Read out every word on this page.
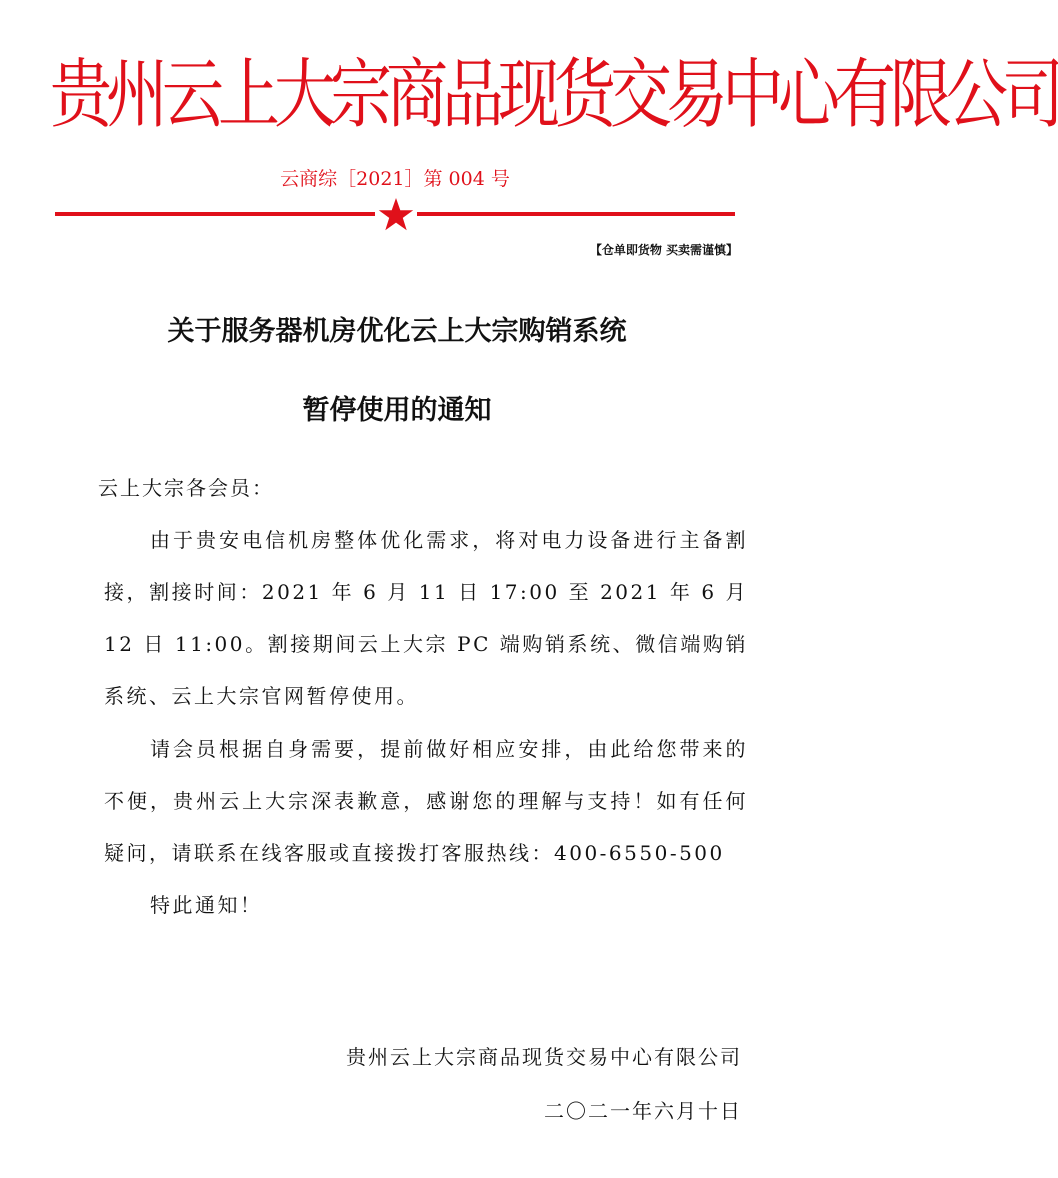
贵州云上大宗商品现货交易中心有限公司
云商综［2021］第 004 号
【仓单即货物 买卖需谨慎】
关于服务器机房优化云上大宗购销系统
暂停使用的通知
云上大宗各会员：

由于贵安电信机房整体优化需求，将对电力设备进行主备割接，割接时间：2021 年 6 月 11 日 17:00 至 2021 年 6 月 12 日 11:00。割接期间云上大宗 PC 端购销系统、微信端购销系统、云上大宗官网暂停使用。

请会员根据自身需要，提前做好相应安排，由此给您带来的不便，贵州云上大宗深表歉意，感谢您的理解与支持！如有任何疑问，请联系在线客服或直接拨打客服热线：400-6550-500

特此通知！

贵州云上大宗商品现货交易中心有限公司
二〇二一年六月十日
